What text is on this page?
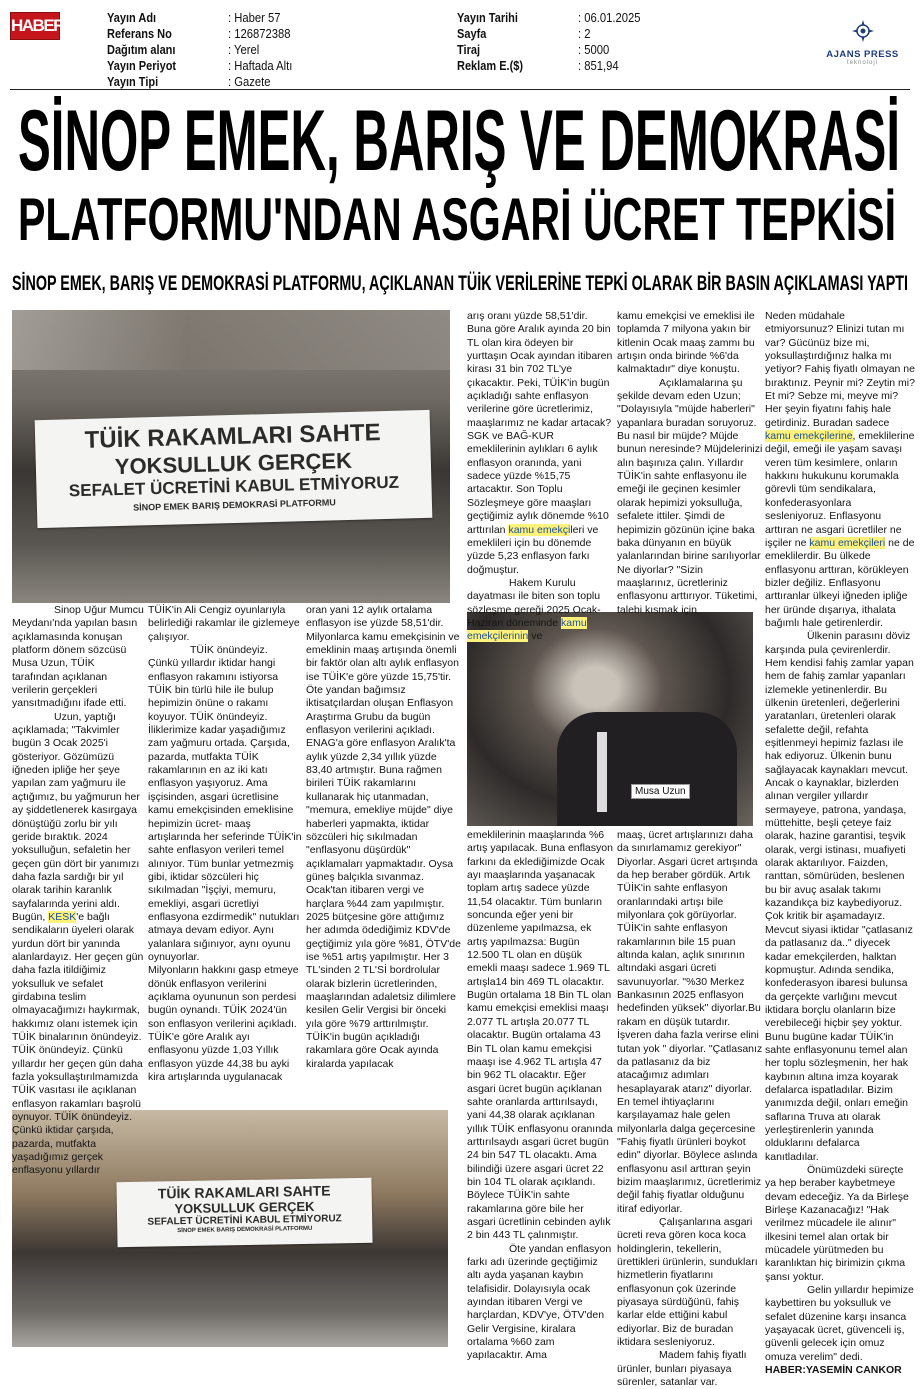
HABER57 Yayın Adı	: Haber 57
Referans No	: 126872388
Dağıtım alanı	: Yerel
Yayın Periyot	: Haftada Altı
Yayın Tipi	: Gazete
Yayın Tarihi	: 06.01.2025
Sayfa	: 2
Tiraj	: 5000
Reklam E.($)	: 851,94
AJANS PRESS
teknoloji
SİNOP EMEK, BARIŞ VE DEMOKRASİ
PLATFORMU'NDAN ASGARİ ÜCRET TEPKİSİ
SİNOP EMEK, BARIŞ VE DEMOKRASİ PLATFORMU, AÇIKLANAN TÜİK VERİLERİNE TEPKİ OLARAK BİR BASIN AÇIKLAMASI YAPTI
TÜİK RAKAMLARI SAHTE
YOKSULLUK GERÇEK
SEFALET ÜCRETİNİ KABUL ETMİYORUZ
SİNOP EMEK BARIŞ DEMOKRASİ PLATFORMU
Musa Uzun
TÜİK RAKAMLARI SAHTE
YOKSULLUK GERÇEK
SEFALET ÜCRETİNİ KABUL ETMİYORUZ
SİNOP EMEK BARIŞ DEMOKRASİ PLATFORMU

Sinop Uğur Mumcu Meydanı'nda yapılan basın açıklamasında konuşan platform dönem sözcüsü Musa Uzun, TÜİK tarafından açıklanan verilerin gerçekleri yansıtmadığını ifade etti.

Uzun, yaptığı açıklamada; "Takvimler bugün 3 Ocak 2025'i gösteriyor. Gözümüzü iğneden ipliğe her şeye yapılan zam yağmuru ile açtığımız, bu yağmurun her ay şiddetlenerek kasırgaya dönüştüğü zorlu bir yılı geride bıraktık. 2024 yoksulluğun, sefaletin her geçen gün dört bir yanımızı daha fazla sardığı bir yıl olarak tarihin karanlık sayfalarında yerini aldı. Bugün, KESK'e bağlı sendikaların üyeleri olarak yurdun dört bir yanında alanlardayız. Her geçen gün daha fazla itildiğimiz yoksulluk ve sefalet girdabına teslim olmayacağımızı haykırmak, hakkımız olanı istemek için TÜİK binalarının önündeyiz. TÜİK önündeyiz. Çünkü yıllardır her geçen gün daha fazla yoksullaştırılmamızda TÜİK vasıtası ile açıklanan enflasyon rakamları başrolü oynuyor. TÜİK önündeyiz. Çünkü iktidar çarşıda, pazarda, mutfakta yaşadığımız gerçek enflasyonu yıllardır

TÜİK'in Ali Cengiz oyunlarıyla belirlediği rakamlar ile gizlemeye çalışıyor.

TÜİK önündeyiz.

Çünkü yıllardır iktidar hangi enflasyon rakamını istiyorsa TÜİK bin türlü hile ile bulup hepimizin önüne o rakamı koyuyor. TÜİK önündeyiz. İliklerimize kadar yaşadığımız zam yağmuru ortada. Çarşıda, pazarda, mutfakta TÜİK rakamlarının en az iki katı enflasyon yaşıyoruz. Ama işçisinden, asgari ücretlisine kamu emekçisinden emeklisine hepimizin ücret- maaş artışlarında her seferinde TÜİK'in sahte enflasyon verileri temel alınıyor. Tüm bunlar yetmezmiş gibi, iktidar sözcüleri hiç sıkılmadan "İşçiyi, memuru, emekliyi, asgari ücretliyi enflasyona ezdirmedik" nutukları atmaya devam ediyor. Aynı yalanlara sığınıyor, aynı oyunu oynuyorlar.

Milyonların hakkını gasp etmeye dönük enflasyon verilerini açıklama oyununun son perdesi bugün oynandı. TÜİK 2024'ün son enflasyon verilerini açıkladı. TÜİK'e göre Aralık ayı enflasyonu yüzde 1,03 Yıllık enflasyon yüzde 44,38 bu ayki kira artışlarında uygulanacak

oran yani 12 aylık ortalama enflasyon ise yüzde 58,51'dir. Milyonlarca kamu emekçisinin ve emeklinin maaş artışında önemli bir faktör olan altı aylık enflasyon ise TÜİK'e göre yüzde 15,75'tir. Öte yandan bağımsız iktisatçılardan oluşan Enflasyon Araştırma Grubu da bugün enflasyon verilerini açıkladı. ENAG'a göre enflasyon Aralık'ta aylık yüzde 2,34 yıllık yüzde 83,40 artmıştır. Buna rağmen birileri TÜİK rakamlarını kullanarak hiç utanmadan, "memura, emekliye müjde" diye haberleri yapmakta, iktidar sözcüleri hiç sıkılmadan "enflasyonu düşürdük" açıklamaları yapmaktadır. Oysa güneş balçıkla sıvanmaz. Ocak'tan itibaren vergi ve harçlara %44 zam yapılmıştır. 2025 bütçesine göre attığımız her adımda ödediğimiz KDV'de geçtiğimiz yıla göre %81, ÖTV'de ise %51 artış yapılmıştır. Her 3 TL'sinden 2 TL'Sİ bordrolular olarak bizlerin ücretlerinden, maaşlarından adaletsiz dilimlere kesilen Gelir Vergisi bir önceki yıla göre %79 arttırılmıştır. TÜİK'in bugün açıkladığı rakamlara göre Ocak ayında kiralarda yapılacak

arış oranı yüzde 58,51'dir. Buna göre Aralık ayında 20 bin TL olan kira ödeyen bir yurttaşın Ocak ayından itibaren kirası 31 bin 702 TL'ye çıkacaktır. Peki, TÜİK'in bugün açıkladığı sahte enflasyon verilerine göre ücretlerimiz, maaşlarımız ne kadar artacak? SGK ve BAĞ-KUR emeklilerinin aylıkları 6 aylık enflasyon oranında, yani sadece yüzde %15,75 artacaktır. Son Toplu Sözleşmeye göre maaşları geçtiğimiz aylık dönemde %10 arttırılan kamu emekçileri ve emeklileri için bu dönemde yüzde 5,23 enflasyon farkı doğmuştur.

Hakem Kurulu dayatması ile biten son toplu sözleşme gereği 2025 Ocak-Haziran döneminde kamu emekçilerinin ve

emeklilerinin maaşlarında %6 artış yapılacak. Buna enflasyon farkını da eklediğimizde Ocak ayı maaşlarında yaşanacak toplam artış sadece yüzde 11,54 olacaktır. Tüm bunların soncunda eğer yeni bir düzenleme yapılmazsa, ek artış yapılmazsa: Bugün 12.500 TL olan en düşük emekli maaşı sadece 1.969 TL artışla14 bin 469 TL olacaktır. Bugün ortalama 18 Bin TL olan kamu emekçisi emeklisi maaşı 2.077 TL artışla 20.077 TL olacaktır. Bugün ortalama 43 Bin TL olan kamu emekçisi maaşı ise 4.962 TL artışla 47 bin 962 TL olacaktır. Eğer asgari ücret bugün açıklanan sahte oranlarda arttırılsaydı, yani 44,38 olarak açıklanan yıllık TÜİK enflasyonu oranında arttırılsaydı asgari ücret bugün 24 bin 547 TL olacaktı. Ama bilindiği üzere asgari ücret 22 bin 104 TL olarak açıklandı. Böylece TÜİK'in sahte rakamlarına göre bile her asgari ücretlinin cebinden aylık 2 bin 443 TL çalınmıştır.

Öte yandan enflasyon farkı adı üzerinde geçtiğimiz altı ayda yaşanan kaybın telafisidir. Dolayısıyla ocak ayından itibaren Vergi ve harçlardan, KDV'ye, ÖTV'den Gelir Vergisine, kiralara ortalama %60 zam yapılacaktır. Ama

kamu emekçisi ve emeklisi ile toplamda 7 milyona yakın bir kitlenin Ocak maaş zammı bu artışın onda birinde %6'da kalmaktadır" diye konuştu.

Açıklamalarına şu şekilde devam eden Uzun; "Dolayısıyla "müjde haberleri" yapanlara buradan soruyoruz. Bu nasıl bir müjde? Müjde bunun neresinde? Müjdelerinizi alın başınıza çalın. Yıllardır TÜİK'in sahte enflasyonu ile emeği ile geçinen kesimler olarak hepimizi yoksulluğa, sefalete ittiler. Şimdi de hepimizin gözünün içine baka baka dünyanın en büyük yalanlarından birine sarılıyorlar Ne diyorlar? "Sizin maaşlarınız, ücretleriniz enflasyonu arttırıyor. Tüketimi, talebi kısmak için

maaş, ücret artışlarınızı daha da sınırlamamız gerekiyor" Diyorlar. Asgari ücret artışında da hep beraber gördük. Artık TÜİK'in sahte enflasyon oranlarındaki artışı bile milyonlara çok görüyorlar. TÜİK'in sahte enflasyon rakamlarının bile 15 puan altında kalan, açlık sınırının altındaki asgari ücreti savunuyorlar. "%30 Merkez Bankasının 2025 enflasyon hedefinden yüksek" diyorlar.Bu rakam en düşük tutardır. İşveren daha fazla verirse elini tutan yok " diyorlar. "Çatlasanız da patlasanız da biz atacağımız adımları hesaplayarak atarız" diyorlar. En temel ihtiyaçlarını karşılayamaz hale gelen milyonlarla dalga geçercesine "Fahiş fiyatlı ürünleri boykot edin" diyorlar. Böylece aslında enflasyonu asıl arttıran şeyin bizim maaşlarımız, ücretlerimiz değil fahiş fiyatlar olduğunu itiraf ediyorlar.

Çalışanlarına asgari ücreti reva gören koca koca holdinglerin, tekellerin, ürettikleri ürünlerin, sundukları hizmetlerin fiyatlarını enflasyonun çok üzerinde piyasaya sürdüğünü, fahiş karlar elde ettiğini kabul ediyorlar. Biz de buradan iktidara sesleniyoruz.

Madem fahiş fiyatlı ürünler, bunları piyasaya sürenler, satanlar var.

Neden müdahale etmiyorsunuz? Elinizi tutan mı var? Gücünüz bize mi, yoksullaştırdığınız halka mı yetiyor? Fahiş fiyatlı olmayan ne bıraktınız. Peynir mi? Zeytin mi? Et mi? Sebze mi, meyve mi? Her şeyin fiyatını fahiş hale getirdiniz. Buradan sadece kamu emekçilerine, emeklilerine değil, emeği ile yaşam savaşı veren tüm kesimlere, onların hakkını hukukunu korumakla görevli tüm sendikalara, konfederasyonlara sesleniyoruz. Enflasyonu arttıran ne asgari ücretliler ne işçiler ne kamu emekçileri ne de emeklilerdir. Bu ülkede enflasyonu arttıran, körükleyen bizler değiliz. Enflasyonu arttıranlar ülkeyi iğneden ipliğe her üründe dışarıya, ithalata bağımlı hale getirenlerdir.

Ülkenin parasını döviz karşında pula çevirenlerdir. Hem kendisi fahiş zamlar yapan hem de fahiş zamlar yapanları izlemekle yetinenlerdir. Bu ülkenin üretenleri, değerlerini yaratanları, üretenleri olarak sefalette değil, refahta eşitlenmeyi hepimiz fazlası ile hak ediyoruz. Ülkenin bunu sağlayacak kaynakları mevcut. Ancak o kaynaklar, bizlerden alınan vergiler yıllardır sermayeye, patrona, yandaşa, müttehitte, beşli çeteye faiz olarak, hazine garantisi, teşvik olarak, vergi istinası, muafiyeti olarak aktarılıyor. Faizden, ranttan, sömürüden, beslenen bu bir avuç asalak takımı kazandıkça biz kaybediyoruz. Çok kritik bir aşamadayız. Mevcut siyasi iktidar "çatlasanız da patlasanız da.." diyecek kadar emekçilerden, halktan kopmuştur. Adında sendika, konfederasyon ibaresi bulunsa da gerçekte varlığını mevcut iktidara borçlu olanların bize verebileceği hiçbir şey yoktur. Bunu bugüne kadar TÜİK'in sahte enflasyonunu temel alan her toplu sözleşmenin, her hak kaybının altına imza koyarak defalarca ispatladılar. Bizim yanımızda değil, onları emeğin saflarına Truva atı olarak yerleştirenlerin yanında olduklarını defalarca kanıtladılar.

Önümüzdeki süreçte ya hep beraber kaybetmeye devam edeceğiz. Ya da Birleşe Birleşe Kazanacağız! "Hak verilmez mücadele ile alınır" ilkesini temel alan ortak bir mücadele yürütmeden bu karanlıktan hiç birimizin çıkma şansı yoktur.

Gelin yıllardır hepimize kaybettiren bu yoksulluk ve sefalet düzenine karşı insanca yaşayacak ücret, güvenceli iş, güvenli gelecek için omuz omuza verelim" dedi.

HABER:YASEMİN CANKOR
